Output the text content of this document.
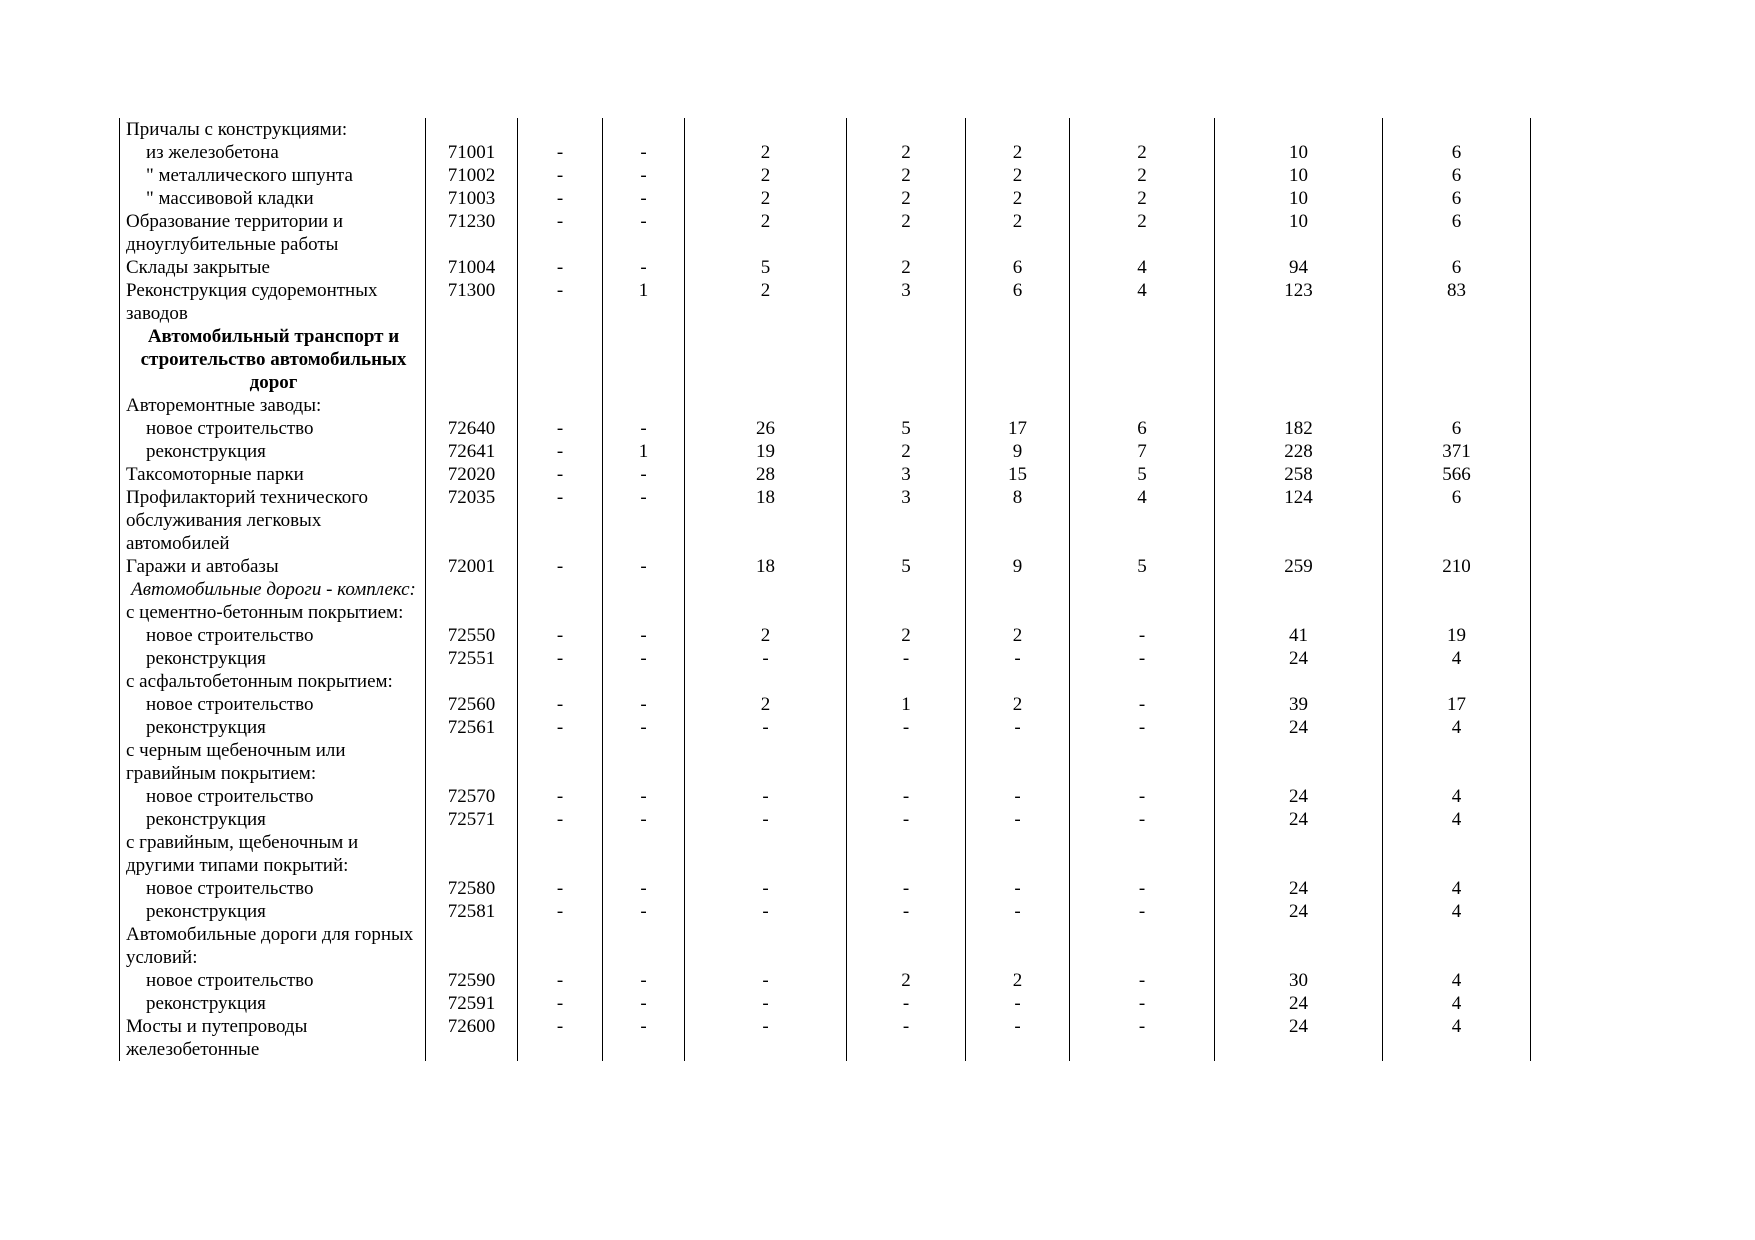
Причалы с конструкциями:									
из железобетона	71001	-	-	2	2	2	2	10	6
" металлического шпунта	71002	-	-	2	2	2	2	10	6
" массивовой кладки	71003	-	-	2	2	2	2	10	6
Образование территории и дноуглубительные работы	71230	-	-	2	2	2	2	10	6
Склады закрытые	71004	-	-	5	2	6	4	94	6
Реконструкция судоремонтных заводов	71300	-	1	2	3	6	4	123	83
Автомобильный транспорт и строительство автомобильных дорог									
Авторемонтные заводы:									
новое строительство	72640	-	-	26	5	17	6	182	6
реконструкция	72641	-	1	19	2	9	7	228	371
Таксомоторные парки	72020	-	-	28	3	15	5	258	566
Профилакторий технического обслуживания легковых автомобилей	72035	-	-	18	3	8	4	124	6
Гаражи и автобазы	72001	-	-	18	5	9	5	259	210
Автомобильные дороги - комплекс:									
с цементно-бетонным покрытием:									
новое строительство	72550	-	-	2	2	2	-	41	19
реконструкция	72551	-	-	-	-	-	-	24	4
с асфальтобетонным покрытием:									
новое строительство	72560	-	-	2	1	2	-	39	17
реконструкция	72561	-	-	-	-	-	-	24	4
с черным щебеночным или гравийным покрытием:									
новое строительство	72570	-	-	-	-	-	-	24	4
реконструкция	72571	-	-	-	-	-	-	24	4
с гравийным, щебеночным и другими типами покрытий:									
новое строительство	72580	-	-	-	-	-	-	24	4
реконструкция	72581	-	-	-	-	-	-	24	4
Автомобильные дороги для горных условий:									
новое строительство	72590	-	-	-	2	2	-	30	4
реконструкция	72591	-	-	-	-	-	-	24	4
Мосты и путепроводы железобетонные	72600	-	-	-	-	-	-	24	4
